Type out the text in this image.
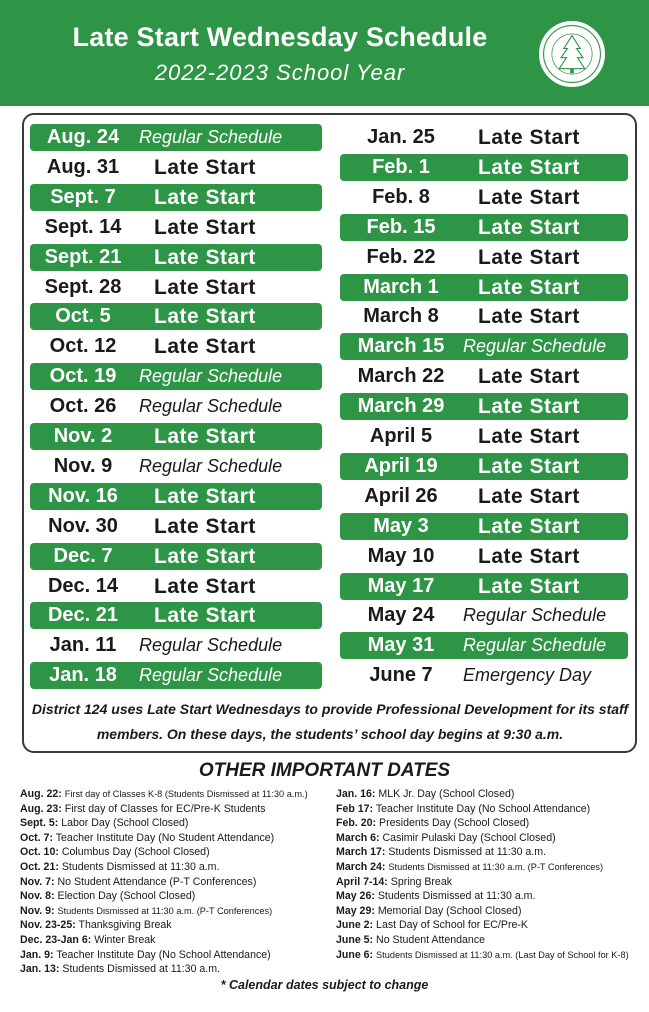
Late Start Wednesday Schedule
2022-2023 School Year
Aug. 24	Regular Schedule
Aug. 31	Late Start
Sept. 7	Late Start
Sept. 14	Late Start
Sept. 21	Late Start
Sept. 28	Late Start
Oct. 5	Late Start
Oct. 12	Late Start
Oct. 19	Regular Schedule
Oct. 26	Regular Schedule
Nov. 2	Late Start
Nov. 9	Regular Schedule
Nov. 16	Late Start
Nov. 30	Late Start
Dec. 7	Late Start
Dec. 14	Late Start
Dec. 21	Late Start
Jan. 11	Regular Schedule
Jan. 18	Regular Schedule
Jan. 25	Late Start
Feb. 1	Late Start
Feb. 8	Late Start
Feb. 15	Late Start
Feb. 22	Late Start
March 1	Late Start
March 8	Late Start
March 15	Regular Schedule
March 22	Late Start
March 29	Late Start
April 5	Late Start
April 19	Late Start
April 26	Late Start
May 3	Late Start
May 10	Late Start
May 17	Late Start
May 24	Regular Schedule
May 31	Regular Schedule
June 7	Emergency Day
District 124 uses Late Start Wednesdays to provide Professional Development for its staff members. On these days, the students’ school day begins at 9:30 a.m.
OTHER IMPORTANT DATES
Aug. 22: First day of Classes K-8 (Students Dismissed at 11:30 a.m.)
Aug. 23: First day of Classes for EC/Pre-K Students
Sept. 5: Labor Day (School Closed)
Oct. 7: Teacher Institute Day (No Student Attendance)
Oct. 10: Columbus Day (School Closed)
Oct. 21: Students Dismissed at 11:30 a.m.
Nov. 7: No Student Attendance (P-T Conferences)
Nov. 8: Election Day (School Closed)
Nov. 9: Students Dismissed at 11:30 a.m. (P-T Conferences)
Nov. 23-25: Thanksgiving Break
Dec. 23-Jan 6: Winter Break
Jan. 9: Teacher Institute Day (No School Attendance)
Jan. 13: Students Dismissed at 11:30 a.m.
Jan. 16: MLK Jr. Day (School Closed)
Feb 17: Teacher Institute Day (No School Attendance)
Feb. 20: Presidents Day (School Closed)
March 6: Casimir Pulaski Day (School Closed)
March 17: Students Dismissed at 11:30 a.m.
March 24: Students Dismissed at 11:30 a.m. (P-T Conferences)
April 7-14: Spring Break
May 26: Students Dismissed at 11:30 a.m.
May 29: Memorial Day (School Closed)
June 2: Last Day of School for EC/Pre-K
June 5: No Student Attendance
June 6: Students Dismissed at 11:30 a.m. (Last Day of School for K-8)
* Calendar dates subject to change
